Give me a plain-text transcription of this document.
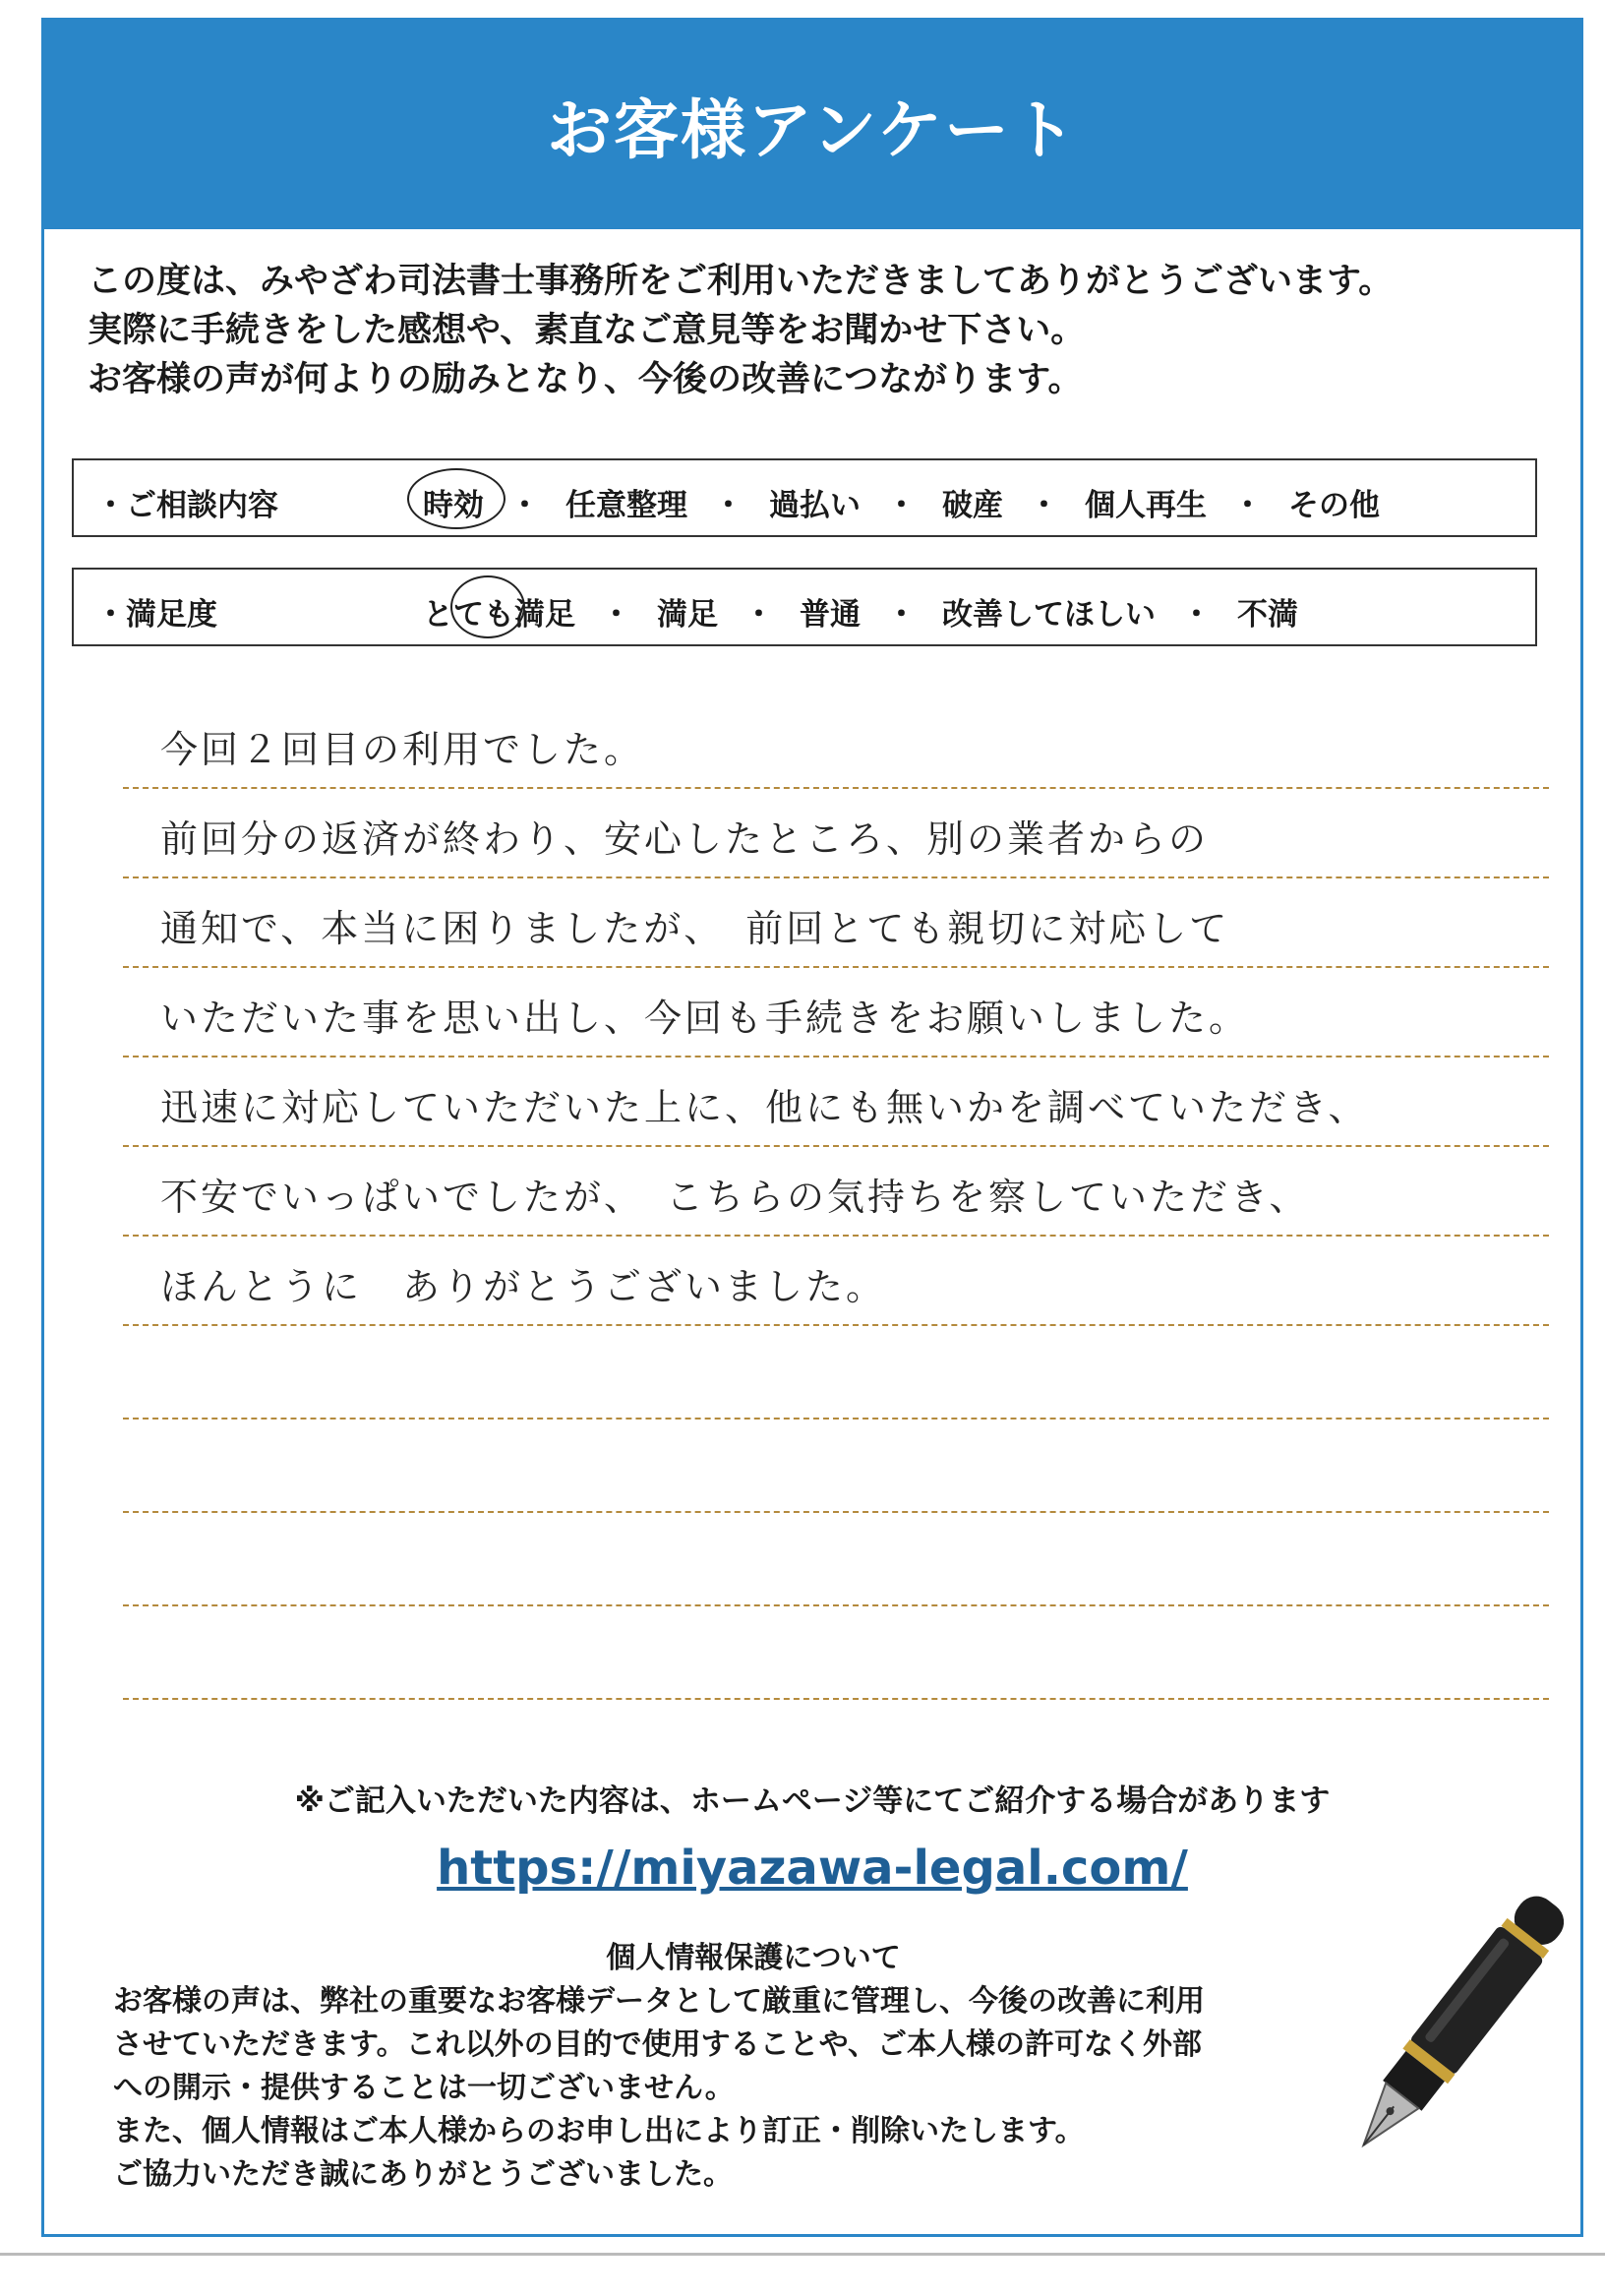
お客様アンケート
この度は、みやざわ司法書士事務所をご利用いただきましてありがとうございます。
実際に手続きをした感想や、素直なご意見等をお聞かせ下さい。
お客様の声が何よりの励みとなり、今後の改善につながります。
・ご相談内容	時効 ・ 任意整理 ・ 過払い ・ 破産 ・ 個人再生 ・ その他
・満足度	とても満足 ・ 満足 ・ 普通 ・ 改善してほしい ・ 不満
今回２回目の利用でした。
前回分の返済が終わり、安心したところ、別の業者からの
通知で、本当に困りましたが、　前回とても親切に対応して
いただいた事を思い出し、今回も手続きをお願いしました。
迅速に対応していただいた上に、他にも無いかを調べていただき、
不安でいっぱいでしたが、　こちらの気持ちを察していただき、
ほんとうに　ありがとうございました。
※ご記入いただいた内容は、ホームページ等にてご紹介する場合があります
https://miyazawa-legal.com/
個人情報保護について
お客様の声は、弊社の重要なお客様データとして厳重に管理し、今後の改善に利用
させていただきます。これ以外の目的で使用することや、ご本人様の許可なく外部
への開示・提供することは一切ございません。
また、個人情報はご本人様からのお申し出により訂正・削除いたします。
ご協力いただき誠にありがとうございました。
